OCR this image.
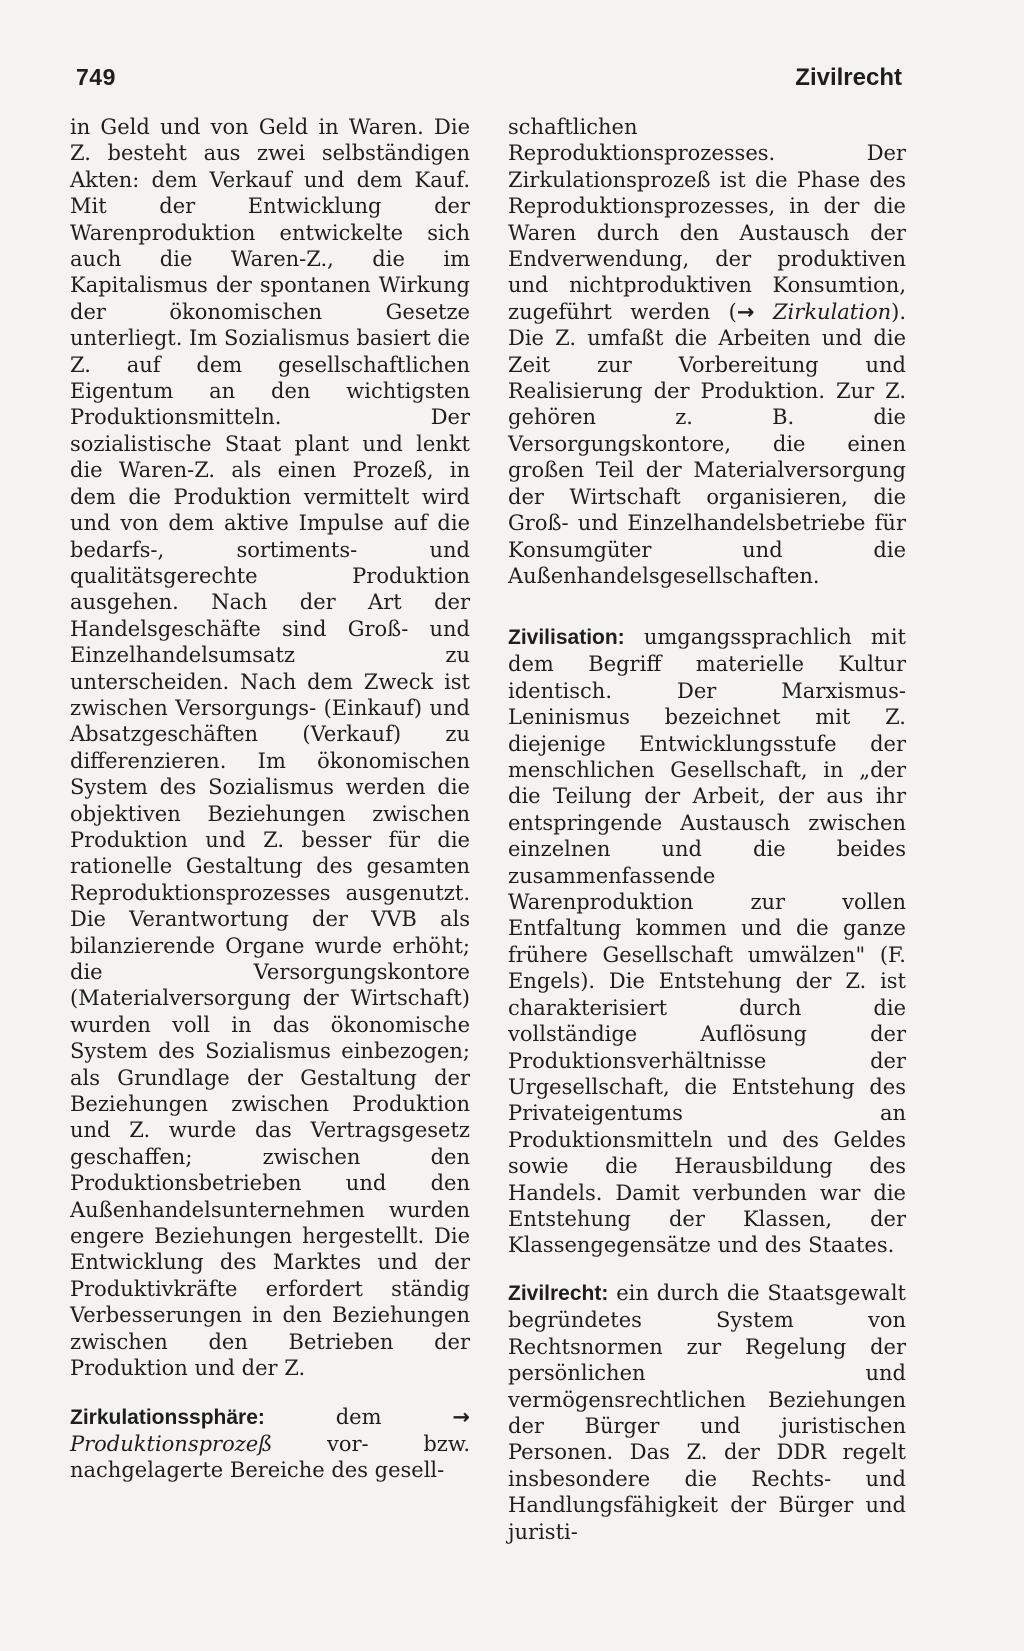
749	Zivilrecht

in Geld und von Geld in Waren. Die Z. besteht aus zwei selbständigen Akten: dem Verkauf und dem Kauf. Mit der Entwicklung der Warenproduktion entwickelte sich auch die Waren-Z., die im Kapitalismus der spontanen Wirkung der ökonomischen Gesetze unterliegt. Im Sozialismus basiert die Z. auf dem gesellschaftlichen Eigentum an den wichtigsten Produktionsmitteln. Der sozialistische Staat plant und lenkt die Waren-Z. als einen Prozeß, in dem die Produktion vermittelt wird und von dem aktive Impulse auf die bedarfs-, sortiments- und qualitätsgerechte Produktion ausgehen. Nach der Art der Handelsgeschäfte sind Groß- und Einzelhandelsumsatz zu unterscheiden. Nach dem Zweck ist zwischen Versorgungs- (Einkauf) und Absatzgeschäften (Verkauf) zu differenzieren. Im ökonomischen System des Sozialismus werden die objektiven Beziehungen zwischen Produktion und Z. besser für die rationelle Gestaltung des gesamten Reproduktionsprozesses ausgenutzt. Die Verantwortung der VVB als bilanzierende Organe wurde erhöht; die Versorgungskontore (Materialversorgung der Wirtschaft) wurden voll in das ökonomische System des Sozialismus einbezogen; als Grundlage der Gestaltung der Beziehungen zwischen Produktion und Z. wurde das Vertragsgesetz geschaffen; zwischen den Produktionsbetrieben und den Außenhandelsunternehmen wurden engere Beziehungen hergestellt. Die Entwicklung des Marktes und der Produktivkräfte erfordert ständig Verbesserungen in den Beziehungen zwischen den Betrieben der Produktion und der Z.

Zirkulationssphäre:	dem	→ Produktionsprozeß	vor- bzw. nachgelagerte Bereiche des gesell-

schaftlichen Reproduktionsprozesses. Der Zirkulationsprozeß ist die Phase des Reproduktionsprozesses, in der die Waren durch den Austausch der Endverwendung, der produktiven und nichtproduktiven Konsumtion, zugeführt werden (→ Zirkulation). Die Z. umfaßt die Arbeiten und die Zeit zur Vorbereitung und Realisierung der Produktion. Zur Z. gehören z. B. die Versorgungskontore, die einen großen Teil der Materialversorgung der Wirtschaft organisieren, die Groß- und Einzelhandelsbetriebe für Konsumgüter und die Außenhandelsgesellschaften.

Zivilisation: umgangssprachlich mit dem Begriff materielle Kultur identisch. Der Marxismus-Leninismus bezeichnet mit Z. diejenige Entwicklungsstufe der menschlichen Gesellschaft, in „der die Teilung der Arbeit, der aus ihr entspringende Austausch zwischen einzelnen und die beides zusammenfassende Warenproduktion zur vollen Entfaltung kommen und die ganze frühere Gesellschaft umwälzen" (F. Engels). Die Entstehung der Z. ist charakterisiert durch die vollständige Auflösung der Produktionsverhältnisse der Urgesellschaft, die Entstehung des Privateigentums an Produktionsmitteln und des Geldes sowie die Herausbildung des Handels. Damit verbunden war die Entstehung der Klassen, der Klassengegensätze und des Staates.

Zivilrecht: ein durch die Staatsgewalt begründetes System von Rechtsnormen zur Regelung der persönlichen und vermögensrechtlichen Beziehungen der Bürger und juristischen Personen. Das Z. der DDR regelt insbesondere die Rechts- und Handlungsfähigkeit der Bürger und juristi-
